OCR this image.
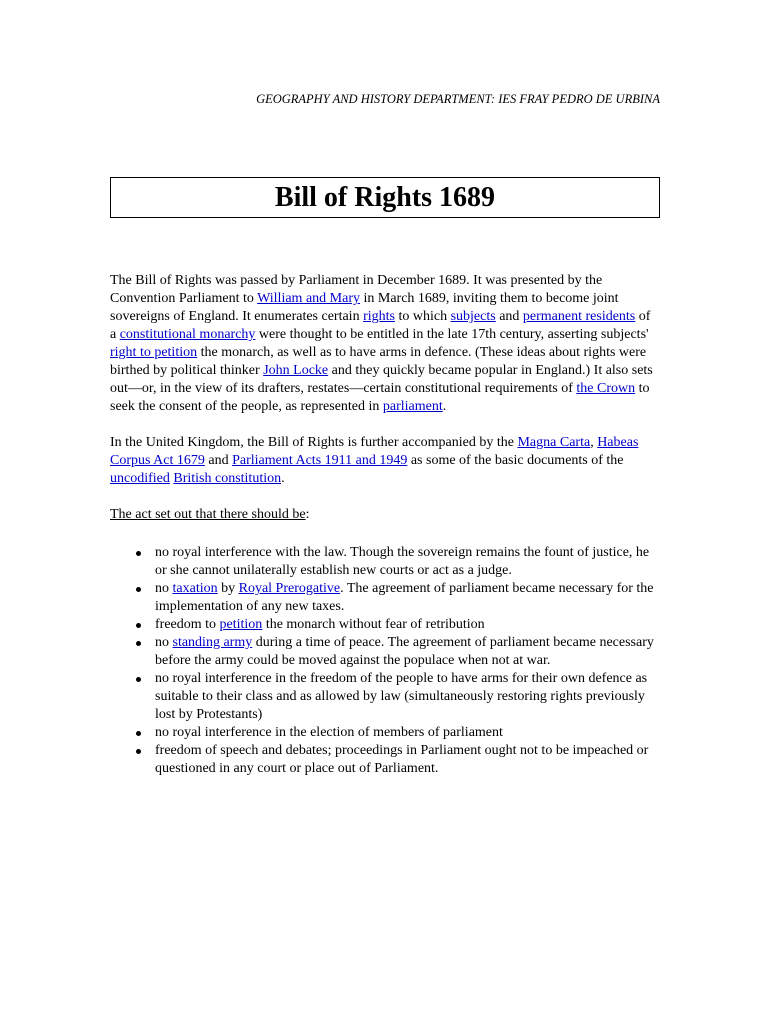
GEOGRAPHY AND HISTORY DEPARTMENT: IES FRAY PEDRO DE URBINA
Bill of Rights 1689

The Bill of Rights was passed by Parliament in December 1689. It was presented by the Convention Parliament to William and Mary in March 1689, inviting them to become joint sovereigns of England. It enumerates certain rights to which subjects and permanent residents of a constitutional monarchy were thought to be entitled in the late 17th century, asserting subjects' right to petition the monarch, as well as to have arms in defence. (These ideas about rights were birthed by political thinker John Locke and they quickly became popular in England.) It also sets out—or, in the view of its drafters, restates—certain constitutional requirements of the Crown to seek the consent of the people, as represented in parliament.

In the United Kingdom, the Bill of Rights is further accompanied by the Magna Carta, Habeas Corpus Act 1679 and Parliament Acts 1911 and 1949 as some of the basic documents of the uncodified British constitution.

The act set out that there should be:

no royal interference with the law. Though the sovereign remains the fount of justice, he or she cannot unilaterally establish new courts or act as a judge.
no taxation by Royal Prerogative. The agreement of parliament became necessary for the implementation of any new taxes.
freedom to petition the monarch without fear of retribution
no standing army during a time of peace. The agreement of parliament became necessary before the army could be moved against the populace when not at war.
no royal interference in the freedom of the people to have arms for their own defence as suitable to their class and as allowed by law (simultaneously restoring rights previously lost by Protestants)
no royal interference in the election of members of parliament
freedom of speech and debates; proceedings in Parliament ought not to be impeached or questioned in any court or place out of Parliament.
